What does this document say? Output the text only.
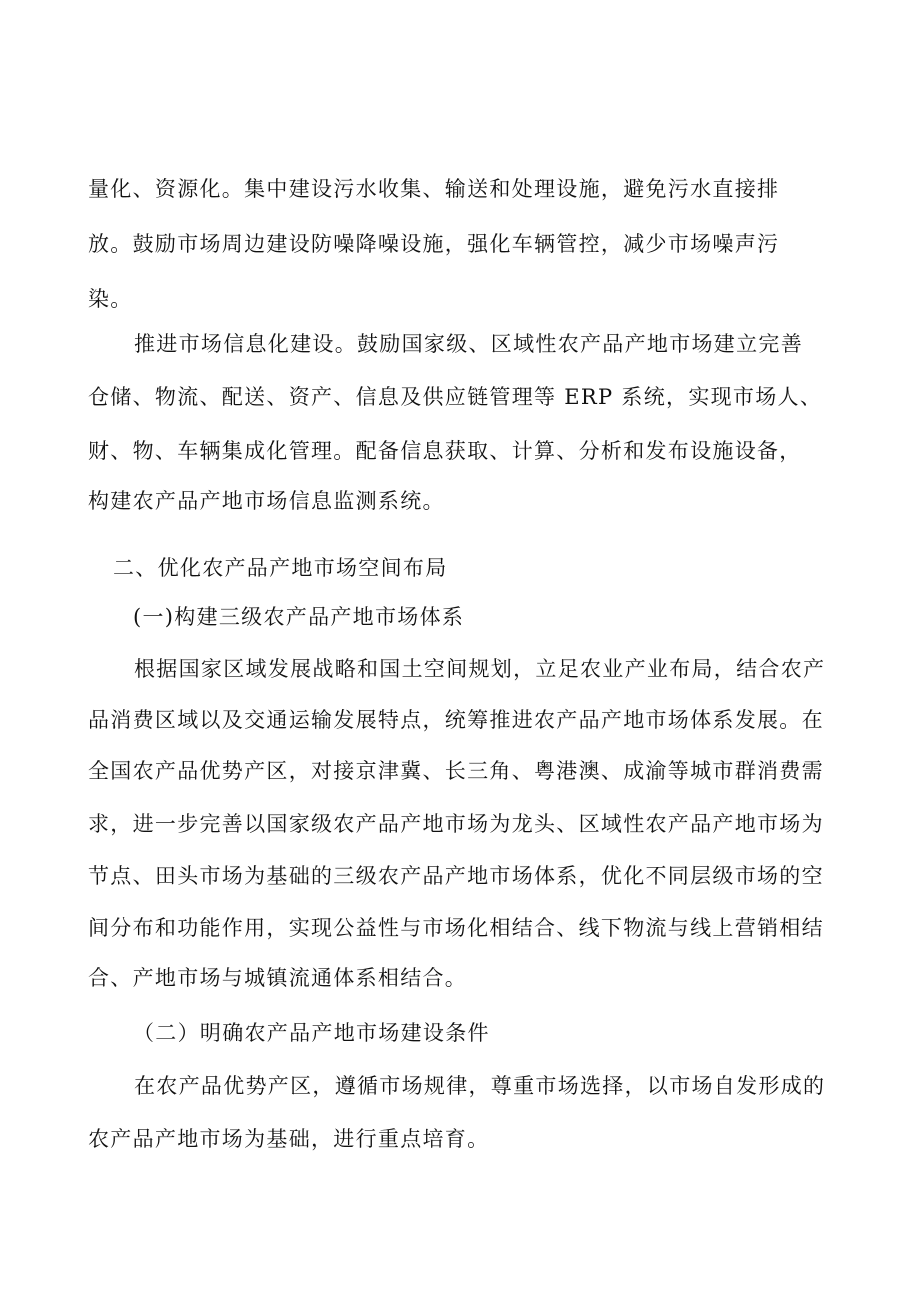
量化、资源化。集中建设污水收集、输送和处理设施，避免污水直接排
放。鼓励市场周边建设防噪降噪设施，强化车辆管控，减少市场噪声污
染。
推进市场信息化建设。鼓励国家级、区域性农产品产地市场建立完善
仓储、物流、配送、资产、信息及供应链管理等 ERP 系统，实现市场人、
财、物、车辆集成化管理。配备信息获取、计算、分析和发布设施设备，
构建农产品产地市场信息监测系统。
二、优化农产品产地市场空间布局
(一)构建三级农产品产地市场体系
根据国家区域发展战略和国土空间规划，立足农业产业布局，结合农产
品消费区域以及交通运输发展特点，统筹推进农产品产地市场体系发展。在
全国农产品优势产区，对接京津冀、长三角、粤港澳、成渝等城市群消费需
求，进一步完善以国家级农产品产地市场为龙头、区域性农产品产地市场为
节点、田头市场为基础的三级农产品产地市场体系，优化不同层级市场的空
间分布和功能作用，实现公益性与市场化相结合、线下物流与线上营销相结
合、产地市场与城镇流通体系相结合。
（二）明确农产品产地市场建设条件
在农产品优势产区，遵循市场规律，尊重市场选择，以市场自发形成的
农产品产地市场为基础，进行重点培育。
